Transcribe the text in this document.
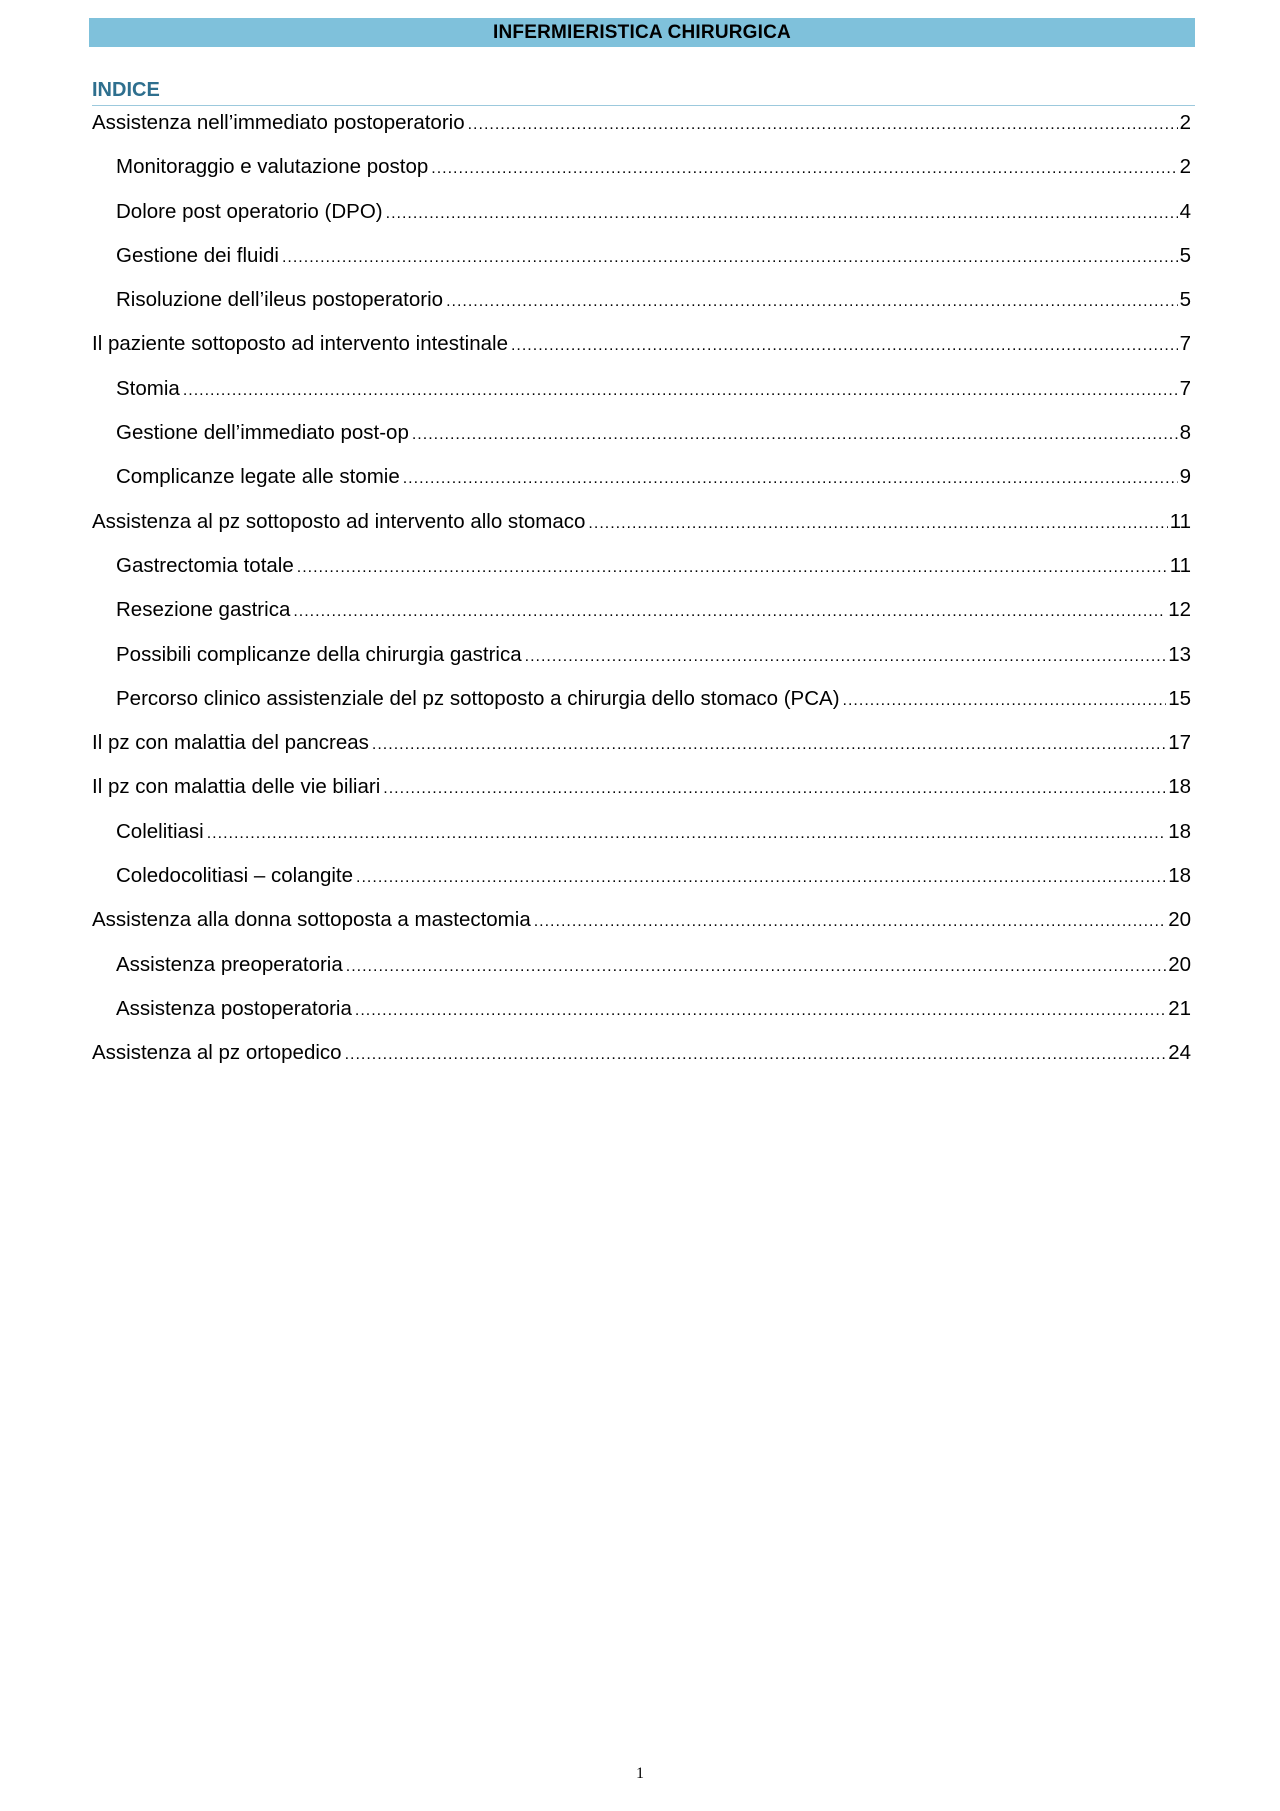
INFERMIERISTICA CHIRURGICA
INDICE
Assistenza nell’immediato postoperatorio .....	2
Monitoraggio e valutazione postop .....	2
Dolore post operatorio (DPO) .....	4
Gestione dei fluidi .....	5
Risoluzione dell’ileus postoperatorio .....	5
Il paziente sottoposto ad intervento intestinale .....	7
Stomia .....	7
Gestione dell’immediato post-op .....	8
Complicanze legate alle stomie .....	9
Assistenza al pz sottoposto ad intervento allo stomaco .....	11
Gastrectomia totale .....	11
Resezione gastrica .....	12
Possibili complicanze della chirurgia gastrica .....	13
Percorso clinico assistenziale del pz sottoposto a chirurgia dello stomaco (PCA) .....	15
Il pz con malattia del pancreas .....	17
Il pz con malattia delle vie biliari .....	18
Colelitiasi .....	18
Coledocolitiasi – colangite .....	18
Assistenza alla donna sottoposta a mastectomia .....	20
Assistenza preoperatoria .....	20
Assistenza postoperatoria .....	21
Assistenza al pz ortopedico .....	24
1
